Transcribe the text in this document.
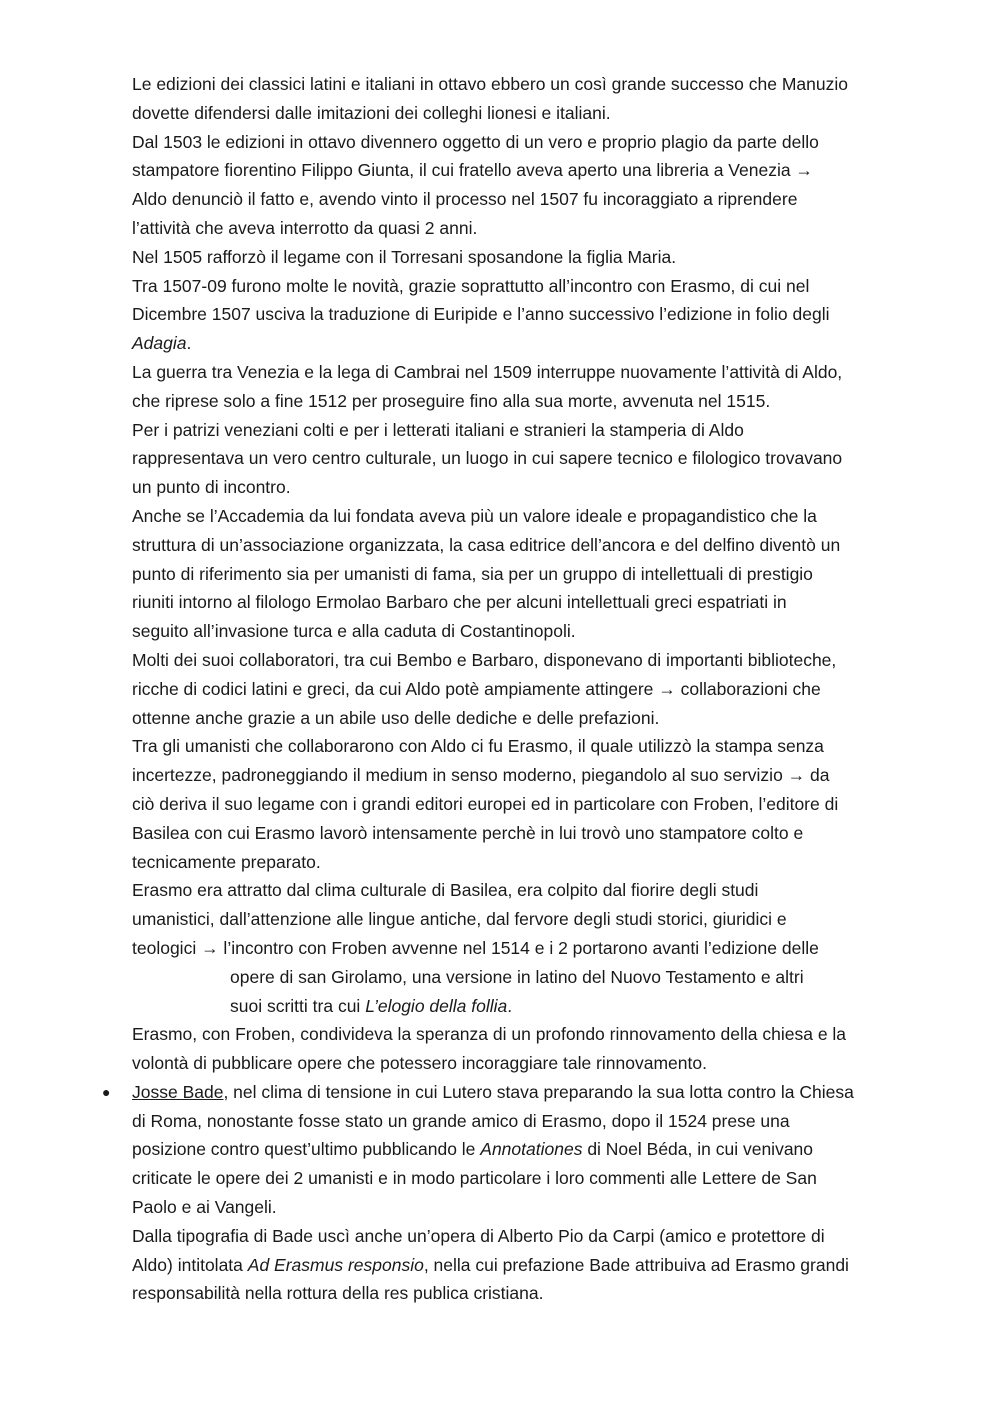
Le edizioni dei classici latini e italiani in ottavo ebbero un così grande successo che Manuzio

dovette difendersi dalle imitazioni dei colleghi lionesi e italiani.

Dal 1503 le edizioni in ottavo divennero oggetto di un vero e proprio plagio da parte dello

stampatore fiorentino Filippo Giunta, il cui fratello aveva aperto una libreria a Venezia →

Aldo denunciò il fatto e, avendo vinto il processo nel 1507 fu incoraggiato a riprendere

l’attività che aveva interrotto da quasi 2 anni.

Nel 1505 rafforzò il legame con il Torresani sposandone la figlia Maria.

Tra 1507-09 furono molte le novità, grazie soprattutto all’incontro con Erasmo, di cui nel

Dicembre 1507 usciva la traduzione di Euripide e l’anno successivo l’edizione in folio degli

Adagia.

La guerra tra Venezia e la lega di Cambrai nel 1509 interruppe nuovamente l’attività di Aldo,

che riprese solo a fine 1512 per proseguire fino alla sua morte, avvenuta nel 1515.

Per i patrizi veneziani colti e per i letterati italiani e stranieri la stamperia di Aldo

rappresentava un vero centro culturale, un luogo in cui sapere tecnico e filologico trovavano

un punto di incontro.

Anche se l’Accademia da lui fondata aveva più un valore ideale e propagandistico che la

struttura di un’associazione organizzata, la casa editrice dell’ancora e del delfino diventò un

punto di riferimento sia per umanisti di fama, sia per un gruppo di intellettuali di prestigio

riuniti intorno al filologo Ermolao Barbaro che per alcuni intellettuali greci espatriati in

seguito all’invasione turca e alla caduta di Costantinopoli.

Molti dei suoi collaboratori, tra cui Bembo e Barbaro, disponevano di importanti biblioteche,

ricche di codici latini e greci, da cui Aldo potè ampiamente attingere → collaborazioni che

ottenne anche grazie a un abile uso delle dediche e delle prefazioni.

Tra gli umanisti che collaborarono con Aldo ci fu Erasmo, il quale utilizzò la stampa senza

incertezze, padroneggiando il medium in senso moderno, piegandolo al suo servizio → da

ciò deriva il suo legame con i grandi editori europei ed in particolare con Froben, l’editore di

Basilea con cui Erasmo lavorò intensamente perchè in lui trovò uno stampatore colto e

tecnicamente preparato.

Erasmo era attratto dal clima culturale di Basilea, era colpito dal fiorire degli studi

umanistici, dall’attenzione alle lingue antiche, dal fervore degli studi storici, giuridici e

teologici → l’incontro con Froben avvenne nel 1514 e i 2 portarono avanti l’edizione delle

opere di san Girolamo, una versione in latino del Nuovo Testamento e altri

suoi scritti tra cui L’elogio della follia.

Erasmo, con Froben, condivideva la speranza di un profondo rinnovamento della chiesa e la

volontà di pubblicare opere che potessero incoraggiare tale rinnovamento.

● Josse Bade, nel clima di tensione in cui Lutero stava preparando la sua lotta contro la Chiesa

di Roma, nonostante fosse stato un grande amico di Erasmo, dopo il 1524 prese una

posizione contro quest’ultimo pubblicando le Annotationes di Noel Béda, in cui venivano

criticate le opere dei 2 umanisti e in modo particolare i loro commenti alle Lettere de San

Paolo e ai Vangeli.

Dalla tipografia di Bade uscì anche un’opera di Alberto Pio da Carpi (amico e protettore di

Aldo) intitolata Ad Erasmus responsio, nella cui prefazione Bade attribuiva ad Erasmo grandi

responsabilità nella rottura della res publica cristiana.
